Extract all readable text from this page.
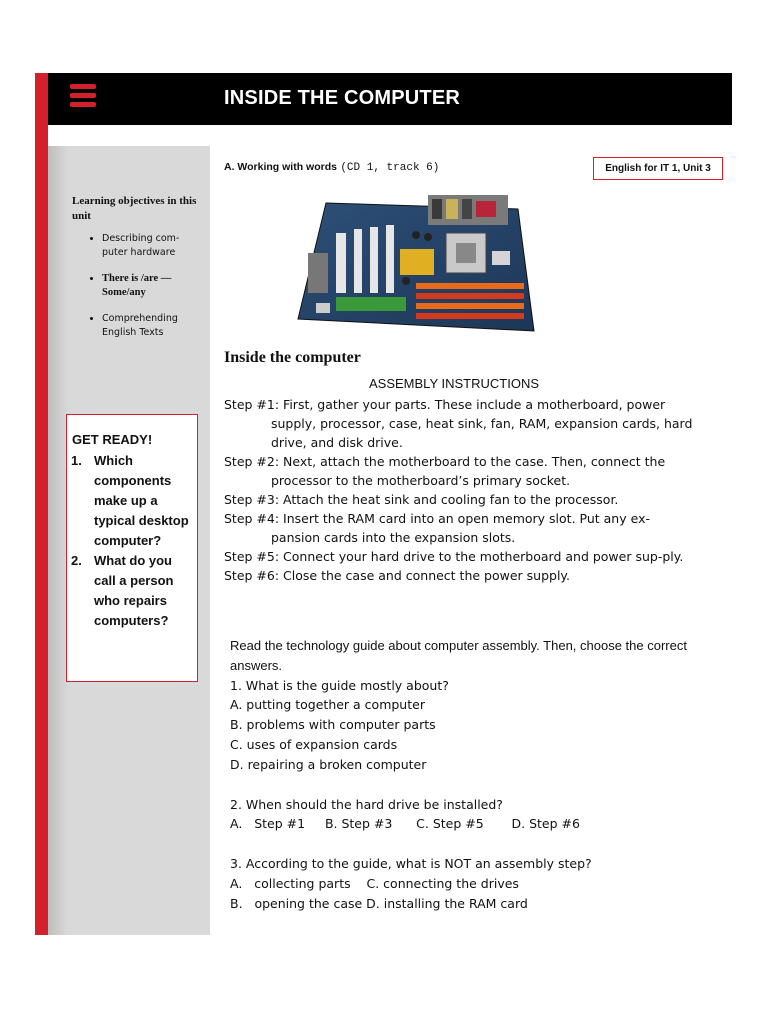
INSIDE THE COMPUTER
Learning objectives in this unit
• Describing com-puter hardware
• There is /are — Some/any
• Comprehending English Texts
GET READY!
1. Which components make up a typical desktop computer?
2. What do you call a person who repairs computers?
A. Working with words (CD 1, track 6)	English for IT 1, Unit 3
Inside the computer
ASSEMBLY INSTRUCTIONS
Step #1: First, gather your parts. These include a motherboard, power supply, processor, case, heat sink, fan, RAM, expansion cards, hard drive, and disk drive.
Step #2: Next, attach the motherboard to the case. Then, connect the processor to the motherboard’s primary socket.
Step #3: Attach the heat sink and cooling fan to the processor.
Step #4: Insert the RAM card into an open memory slot. Put any ex-pansion cards into the expansion slots.
Step #5: Connect your hard drive to the motherboard and power sup-ply.
Step #6: Close the case and connect the power supply.
Read the technology guide about computer assembly. Then, choose the correct answers.
1. What is the guide mostly about?
A. putting together a computer
B. problems with computer parts
C. uses of expansion cards
D. repairing a broken computer
2. When should the hard drive be installed?
A.   Step #1     B. Step #3      C. Step #5       D. Step #6
3. According to the guide, what is NOT an assembly step?
A.   collecting parts    C. connecting the drives
B.   opening the case D. installing the RAM card
